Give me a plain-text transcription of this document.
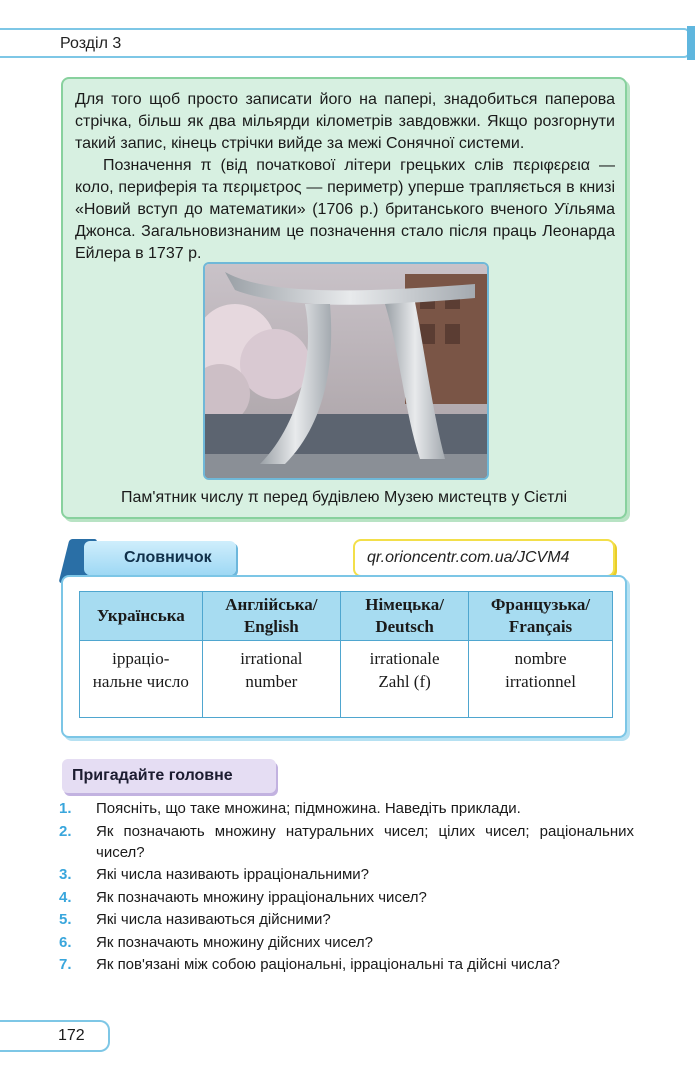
Розділ 3

Для того щоб просто записати його на папері, знадобиться паперова стрічка, більш як два мільярди кілометрів завдовжки. Якщо розгорнути такий запис, кінець стрічки вийде за межі Сонячної системи.

Позначення π (від початкової літери грецьких слів περιφερεια — коло, периферія та περιμετρος — периметр) уперше трапляється в книзі «Новий вступ до математики» (1706 р.) британського вченого Уїльяма Джонса. Загальновизнаним це позначення стало після праць Леонарда Ейлера в 1737 р.

Пам'ятник числу π перед будівлею Музею мистецтв у Сієтлі
Словничок	qr.orioncentr.com.ua/JCVM4
Українська	Англійська/ English	Німецька/ Deutsch	Французька/ Français
ірраціо- нальне число	irrational number	irrationale Zahl (f)	nombre irrationnel
Пригадайте головне
1. Поясніть, що таке множина; підмножина. Наведіть приклади.
2. Як позначають множину натуральних чисел; цілих чисел; раціональних чисел?
3. Які числа називають ірраціональними?
4. Як позначають множину ірраціональних чисел?
5. Які числа називаються дійсними?
6. Як позначають множину дійсних чисел?
7. Як пов'язані між собою раціональні, ірраціональні та дійсні числа?
172
